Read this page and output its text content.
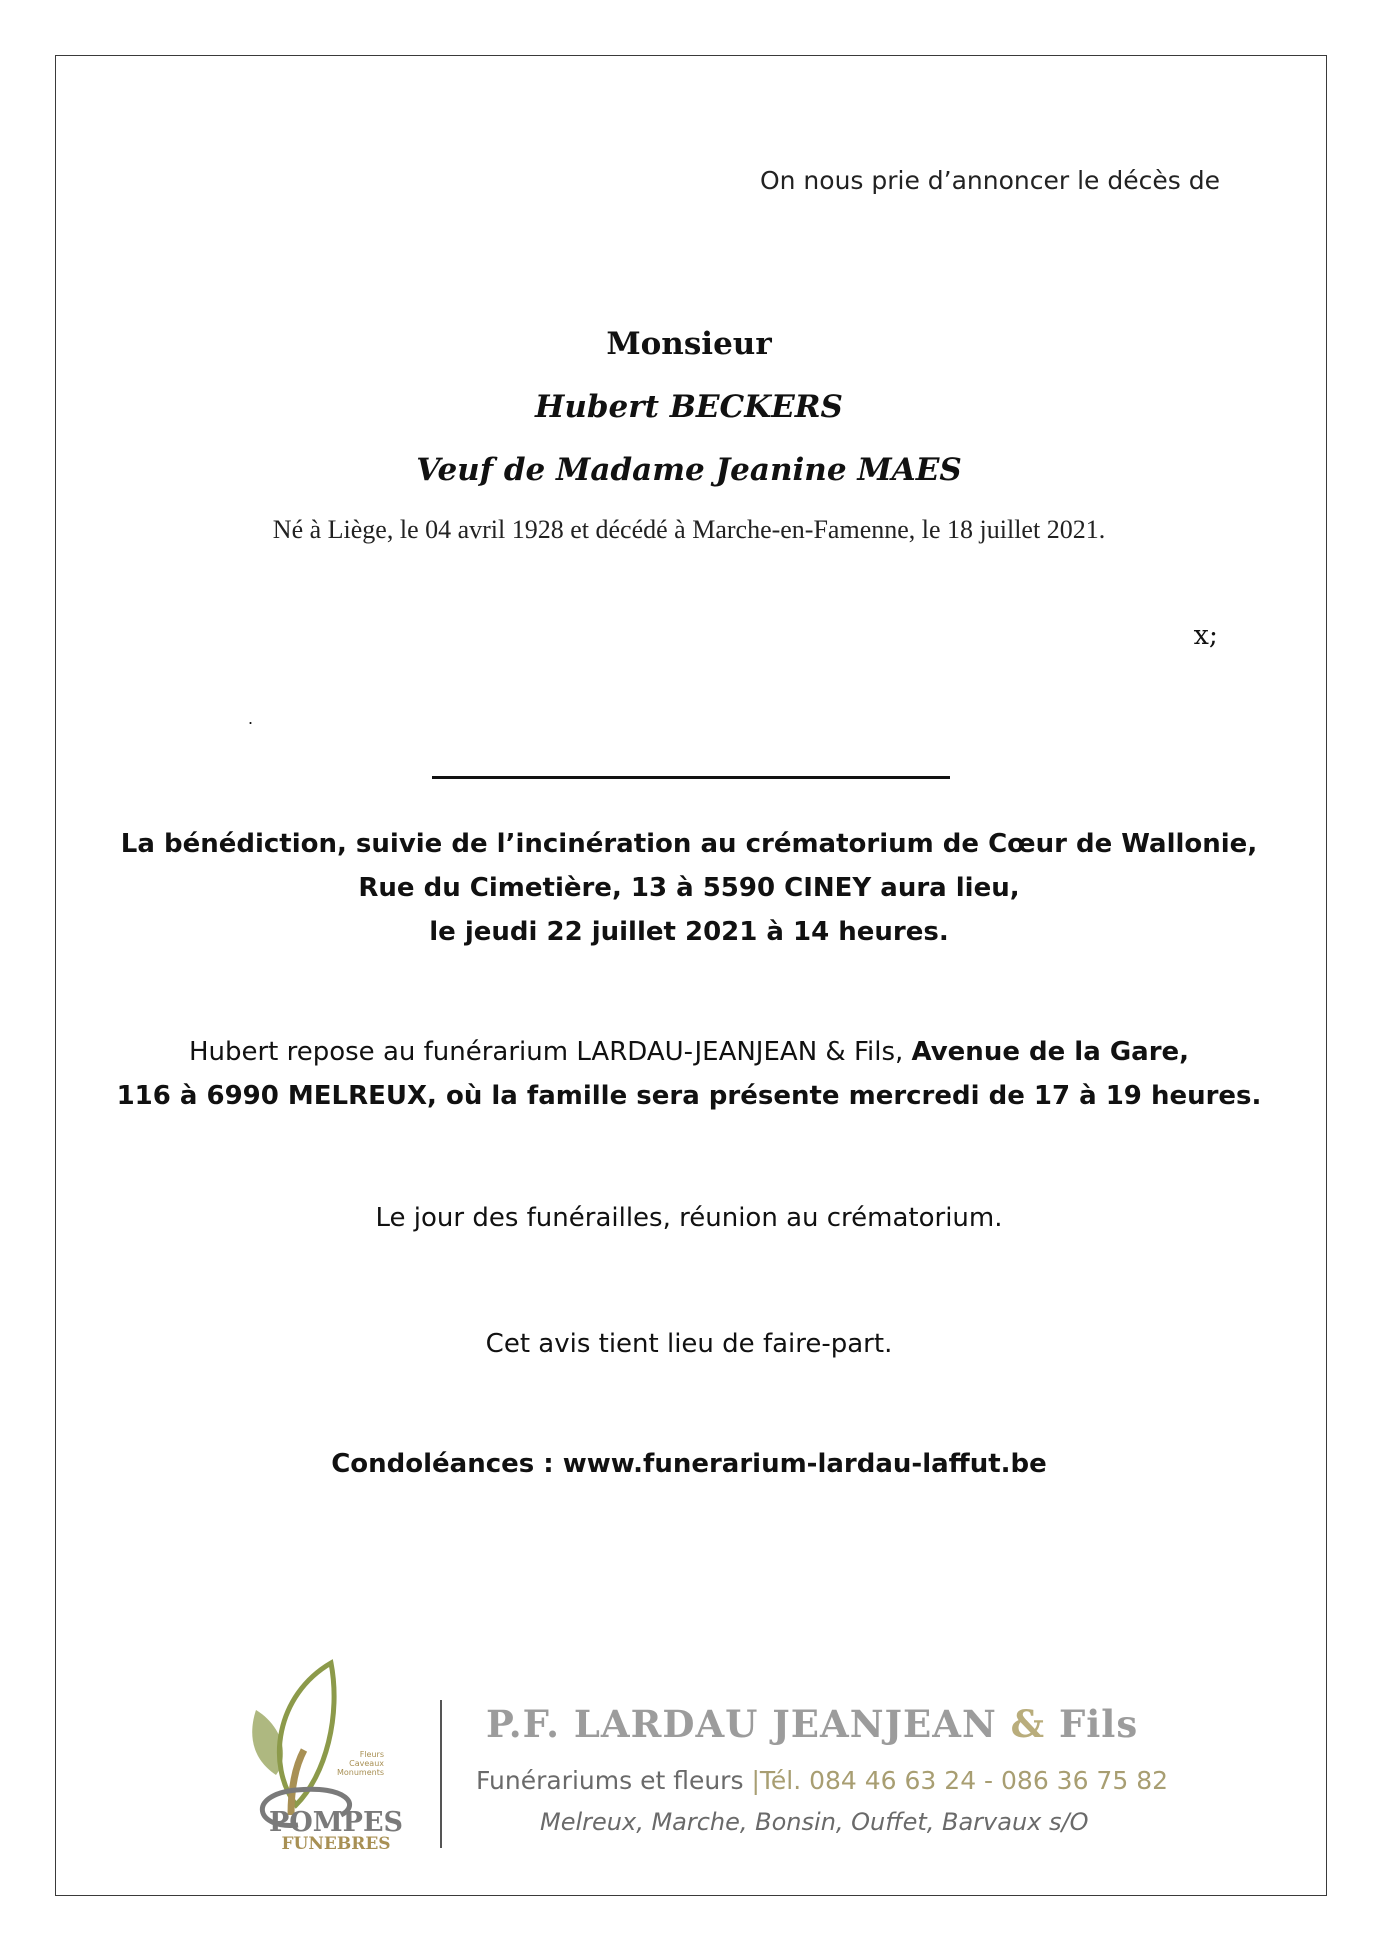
On nous prie d’annoncer le décès de
Monsieur
Hubert BECKERS
Veuf de Madame Jeanine MAES
Né à Liège, le 04 avril 1928 et décédé à Marche-en-Famenne, le 18 juillet 2021.
x;
.
La bénédiction, suivie de l’incinération au crématorium de Cœur de Wallonie,
Rue du Cimetière, 13 à 5590 CINEY aura lieu,
le jeudi 22 juillet 2021 à 14 heures.
Hubert repose au funérarium LARDAU-JEANJEAN & Fils, Avenue de la Gare,
116 à 6990 MELREUX, où la famille sera présente mercredi de 17 à 19 heures.
Le jour des funérailles, réunion au crématorium.
Cet avis tient lieu de faire-part.
Condoléances : www.funerarium-lardau-laffut.be
Fleurs
Caveaux
Monuments
POMPES
FUNEBRES
P.F. LARDAU JEANJEAN & Fils
Funérariums et fleurs |Tél. 084 46 63 24 - 086 36 75 82
Melreux, Marche, Bonsin, Ouffet, Barvaux s/O
